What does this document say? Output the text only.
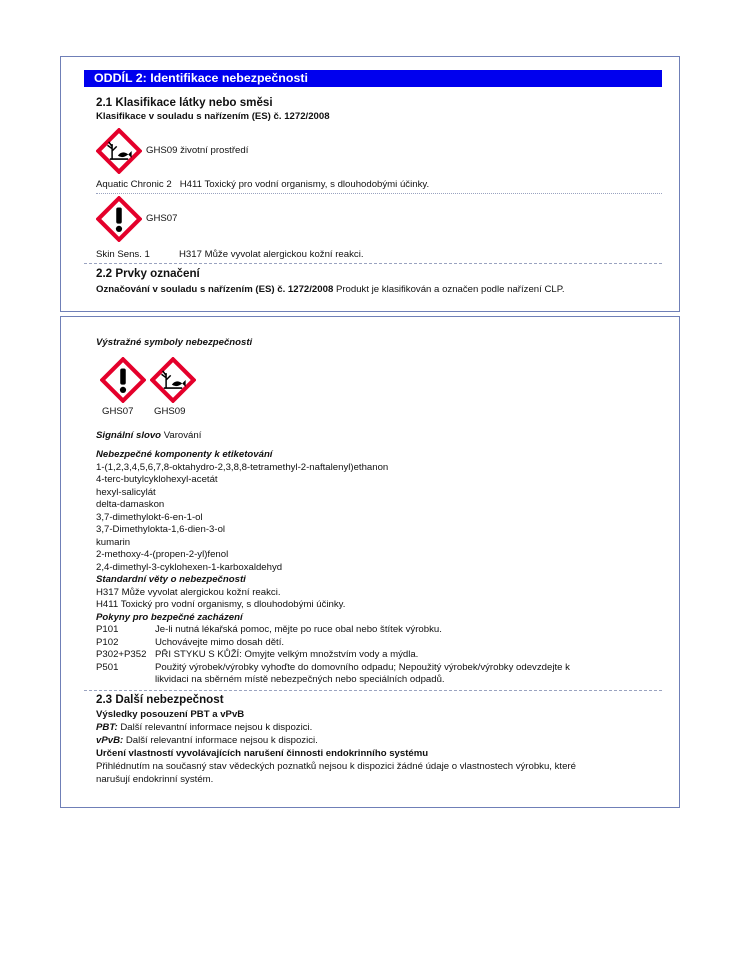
ODDÍL 2: Identifikace nebezpečnosti
2.1 Klasifikace látky nebo směsi
Klasifikace v souladu s nařízením (ES) č. 1272/2008
GHS09 životní prostředí
Aquatic Chronic 2 H411 Toxický pro vodní organismy, s dlouhodobými účinky.
GHS07
Skin Sens. 1	H317 Může vyvolat alergickou kožní reakci.
2.2 Prvky označení
Označování v souladu s nařízením (ES) č. 1272/2008 Produkt je klasifikován a označen podle nařízení CLP.
Výstražné symboly nebezpečnosti
GHS07 GHS09
Signální slovo Varování
Nebezpečné komponenty k etiketování
1-(1,2,3,4,5,6,7,8-oktahydro-2,3,8,8-tetramethyl-2-naftalenyl)ethanon
4-terc-butylcyklohexyl-acetát
hexyl-salicylát
delta-damaskon
3,7-dimethylokt-6-en-1-ol
3,7-Dimethylokta-1,6-dien-3-ol
kumarin
2-methoxy-4-(propen-2-yl)fenol
2,4-dimethyl-3-cyklohexen-1-karboxaldehyd
Standardní věty o nebezpečnosti
H317 Může vyvolat alergickou kožní reakci.
H411 Toxický pro vodní organismy, s dlouhodobými účinky.
Pokyny pro bezpečné zacházení
P101	Je-li nutná lékařská pomoc, mějte po ruce obal nebo štítek výrobku.
P102	Uchovávejte mimo dosah dětí.
P302+P352 PŘI STYKU S KŮŽÍ: Omyjte velkým množstvím vody a mýdla.
P501	Použitý výrobek/výrobky vyhoďte do domovního odpadu; Nepoužitý výrobek/výrobky odevzdejte k
likvidaci na sběrném místě nebezpečných nebo speciálních odpadů.
2.3 Další nebezpečnost
Výsledky posouzení PBT a vPvB
PBT: Další relevantní informace nejsou k dispozici.
vPvB: Další relevantní informace nejsou k dispozici.
Určení vlastností vyvolávajících narušení činnosti endokrinního systému
Přihlédnutím na současný stav vědeckých poznatků nejsou k dispozici žádné údaje o vlastnostech výrobku, které
narušují endokrinní systém.
